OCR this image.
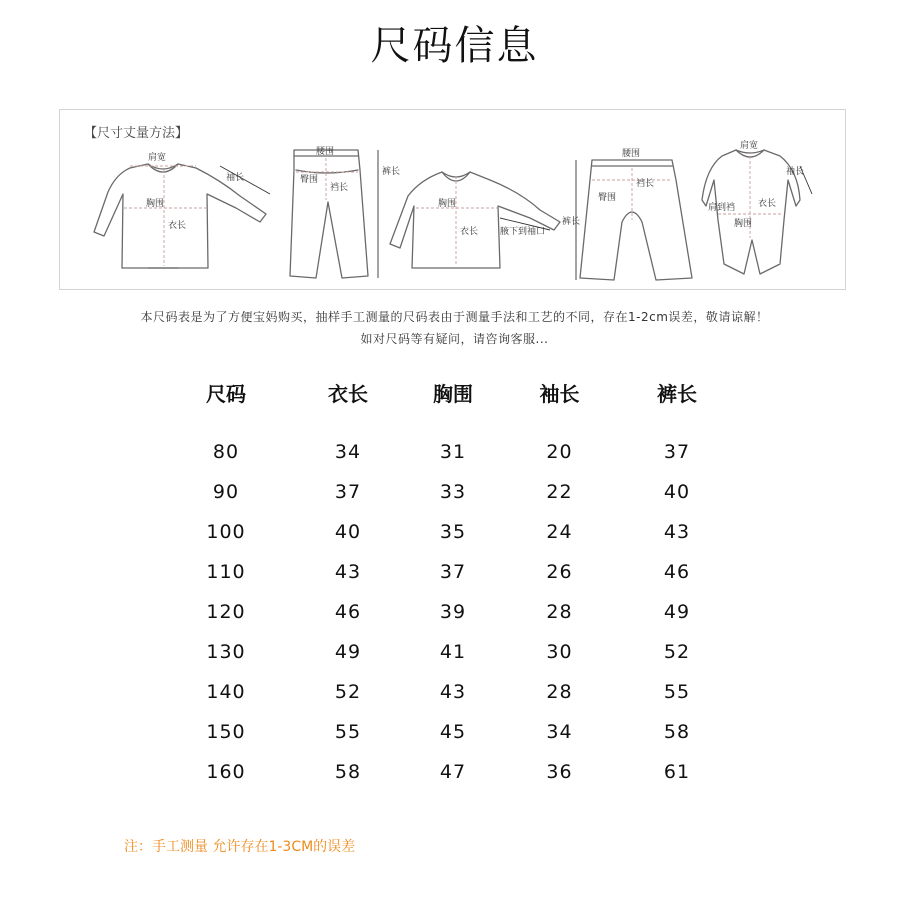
尺码信息
【尺寸丈量方法】
肩宽
胸围
衣长
袖长
腰围
臀围
裆长
裤长
胸围
衣长 腋下到袖口
腰围
臀围
裆长
裤长
肩宽
袖长
胸围
衣长
肩到裆
本尺码表是为了方便宝妈购买，抽样手工测量的尺码表由于测量手法和工艺的不同，存在1-2cm误差，敬请谅解！
如对尺码等有疑问，请咨询客服...
尺码	衣长	胸围	袖长	裤长

80	34	31	20	37
90	37	33	22	40
100	40	35	24	43
110	43	37	26	46
120	46	39	28	49
130	49	41	30	52
140	52	43	28	55
150	55	45	34	58
160	58	47	36	61
注：手工测量 允许存在1-3CM的误差
